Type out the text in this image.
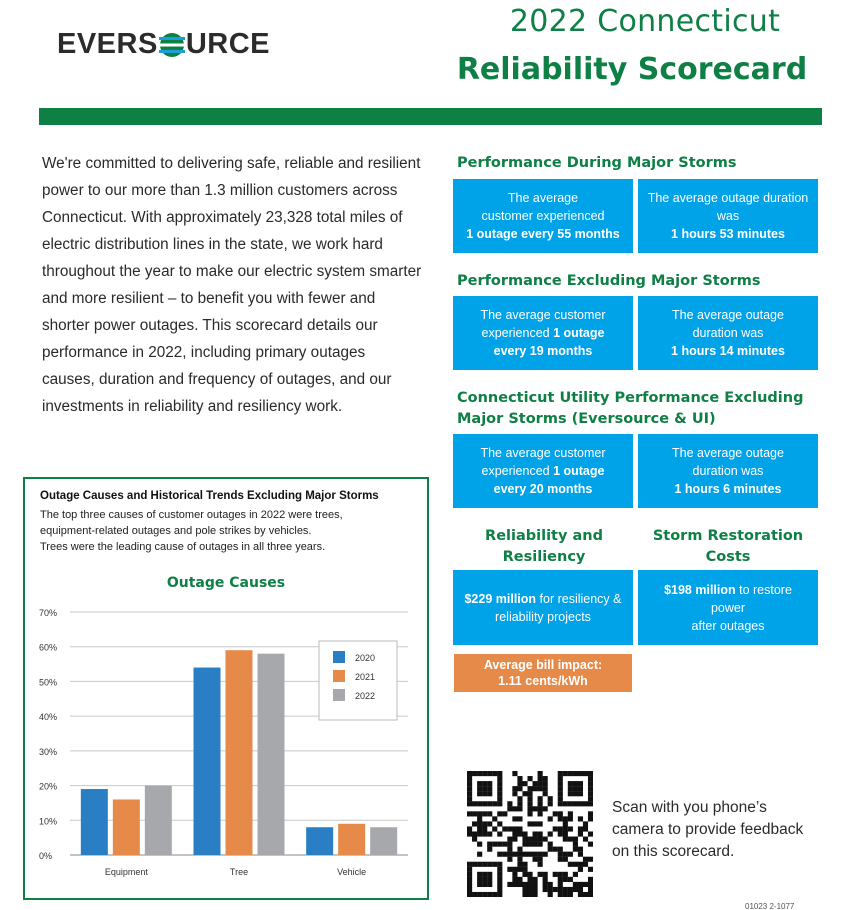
EVERS URCE
2022 Connecticut
Reliability Scorecard

We're committed to delivering safe, reliable and resilient power to our more than 1.3 million customers across Connecticut. With approximately 23,328 total miles of electric distribution lines in the state, we work hard throughout the year to make our electric system smarter and more resilient – to benefit you with fewer and shorter power outages. This scorecard details our performance in 2022, including primary outages causes, duration and frequency of outages, and our investments in reliability and resiliency work.

Performance During Major Storms
The average
customer experienced
1 outage every 55 months
The average outage duration
was
1 hours 53 minutes
Performance Excluding Major Storms
The average customer
experienced 1 outage
every 19 months
The average outage
duration was
1 hours 14 minutes
Connecticut Utility Performance Excluding
Major Storms (Eversource & UI)
The average customer
experienced 1 outage
every 20 months
The average outage
duration was
1 hours 6 minutes
Reliability and
Resiliency
Storm Restoration
Costs
$229 million for resiliency &
reliability projects
$198 million to restore power
after outages
Average bill impact:
1.11 cents/kWh
Outage Causes and Historical Trends Excluding Major Storms
The top three causes of customer outages in 2022 were trees,
equipment-related outages and pole strikes by vehicles.
Trees were the leading cause of outages in all three years.
Outage Causes
0%
10%
20%
30%
40%
50%
60%
70%
Equipment	Tree	Vehicle
2020
2021
2022
Scan with you phone’s
camera to provide feedback
on this scorecard.
01023 2-1077
